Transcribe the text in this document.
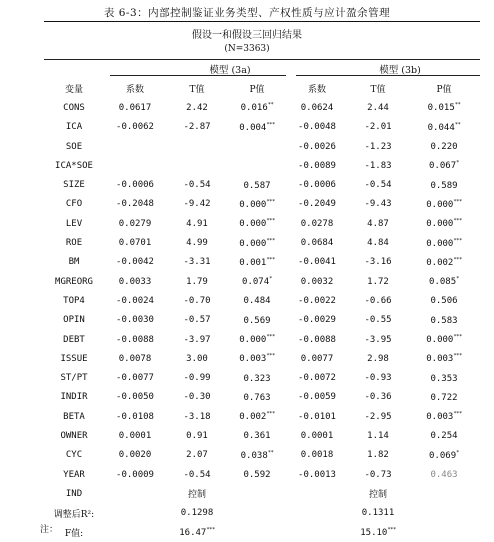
表 6-3：内部控制鉴证业务类型、产权性质与应计盈余管理
假设一和假设三回归结果
(N=3363)
模型 (3a)	模型 (3b)
变量	系数	T值	P值	系数	T值	P值
CONS	0.0617	2.42	0.016**	0.0624	2.44	0.015**
ICA	-0.0062	-2.87	0.004***	-0.0048	-2.01	0.044**
SOE				-0.0026	-1.23	0.220
ICA*SOE				-0.0089	-1.83	0.067*
SIZE	-0.0006	-0.54	0.587	-0.0006	-0.54	0.589
CFO	-0.2048	-9.42	0.000***	-0.2049	-9.43	0.000***
LEV	0.0279	4.91	0.000***	0.0278	4.87	0.000***
ROE	0.0701	4.99	0.000***	0.0684	4.84	0.000***
BM	-0.0042	-3.31	0.001***	-0.0041	-3.16	0.002***
MGREORG	0.0033	1.79	0.074*	0.0032	1.72	0.085*
TOP4	-0.0024	-0.70	0.484	-0.0022	-0.66	0.506
OPIN	-0.0030	-0.57	0.569	-0.0029	-0.55	0.583
DEBT	-0.0088	-3.97	0.000***	-0.0088	-3.95	0.000***
ISSUE	0.0078	3.00	0.003***	0.0077	2.98	0.003***
ST/PT	-0.0077	-0.99	0.323	-0.0072	-0.93	0.353
INDIR	-0.0050	-0.30	0.763	-0.0059	-0.36	0.722
BETA	-0.0108	-3.18	0.002***	-0.0101	-2.95	0.003***
OWNER	0.0001	0.91	0.361	0.0001	1.14	0.254
CYC	0.0020	2.07	0.038**	0.0018	1.82	0.069*
YEAR	-0.0009	-0.54	0.592	-0.0013	-0.73	0.463
IND		控制			控制	
调整后R²:		0.1298			0.1311	
F值:		16.47***			15.10***	
注：
